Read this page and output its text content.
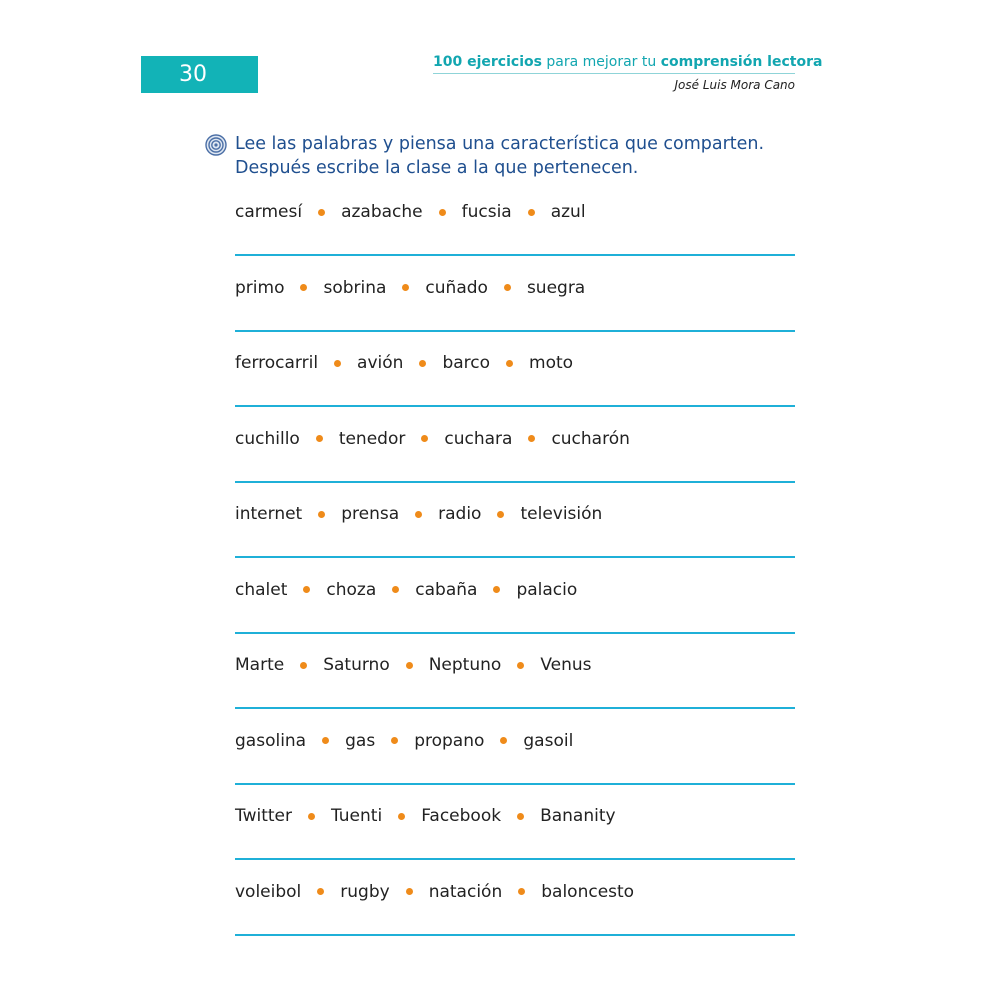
30	100 ejercicios para mejorar tu comprensión lectora
José Luis Mora Cano
Lee las palabras y piensa una característica que comparten. Después escribe la clase a la que pertenecen.
carmesí azabache fucsia azul
primo sobrina cuñado suegra
ferrocarril avión barco moto
cuchillo tenedor cuchara cucharón
internet prensa radio televisión
chalet choza cabaña palacio
Marte Saturno Neptuno Venus
gasolina gas propano gasoil
Twitter Tuenti Facebook Bananity
voleibol rugby natación baloncesto
